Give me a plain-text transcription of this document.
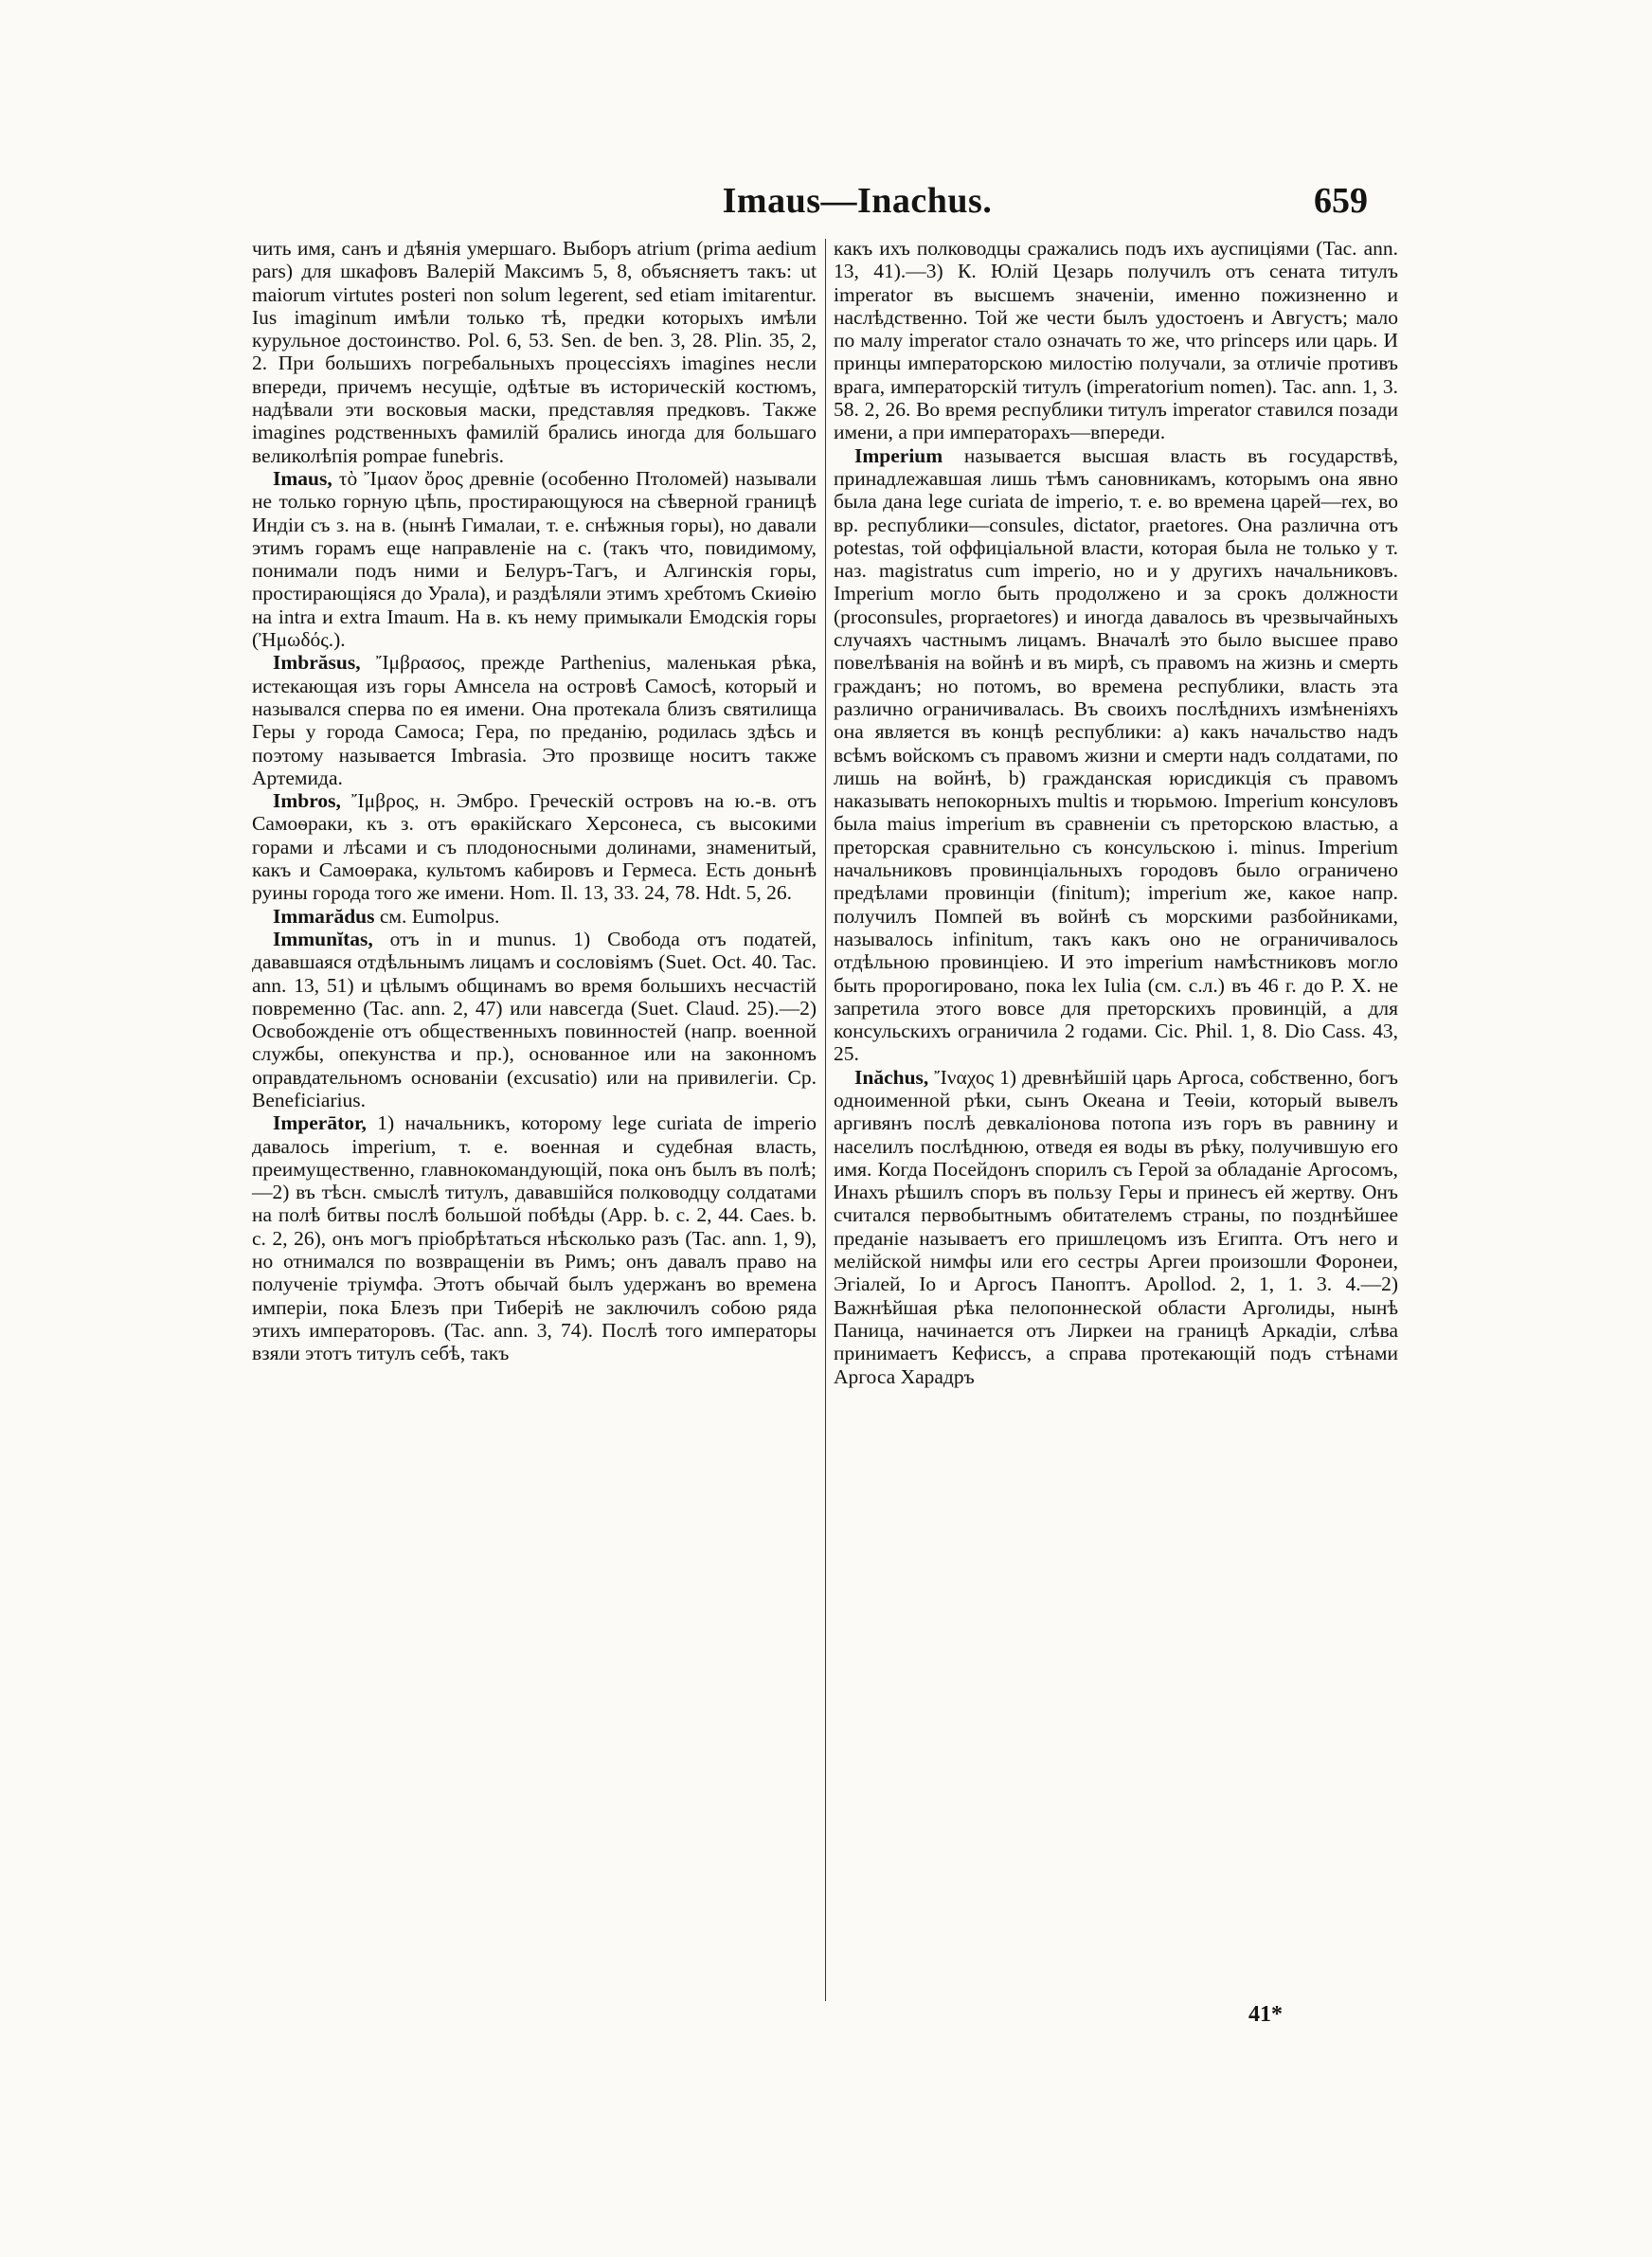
Imaus—Inachus.	659

чить имя, санъ и дѣянія умершаго. Выборъ atrium (prima aedium pars) для шкафовъ Валерій Максимъ 5, 8, объясняетъ такъ: ut maiorum virtutes posteri non solum legerent, sed etiam imitarentur. Ius imaginum имѣли только тѣ, предки которыхъ имѣли курульное достоинство. Pol. 6, 53. Sen. de ben. 3, 28. Plin. 35, 2, 2. При большихъ погребальныхъ процессіяхъ imagines несли впереди, причемъ несущіе, одѣтые въ историческій костюмъ, надѣвали эти восковыя маски, представляя предковъ. Также imagines родственныхъ фамилій брались иногда для большаго великолѣпія pompae funebris.

Imaus, τὸ Ἴμαον ὄρος древніе (особенно Птоломей) называли не только горную цѣпь, простирающуюся на сѣверной границѣ Индіи съ з. на в. (нынѣ Гималаи, т. е. снѣжныя горы), но давали этимъ горамъ еще направленіе на с. (такъ что, повидимому, понимали подъ ними и Белуръ-Тагъ, и Алгинскія горы, простирающіяся до Урала), и раздѣляли этимъ хребтомъ Скиѳію на intra и extra Imaum. На в. къ нему примыкали Емодскія горы (Ἠμωδός.).

Imbrăsus, Ἴμβρασος, прежде Parthenius, маленькая рѣка, истекающая изъ горы Амнсела на островѣ Самосѣ, который и назывался сперва по ея имени. Она протекала близъ святилища Геры у города Самоса; Гера, по преданію, родилась здѣсь и поэтому называется Imbrasia. Это прозвище носитъ также Артемида.

Imbros, Ἴμβρος, н. Эмбро. Греческій островъ на ю.-в. отъ Самоѳраки, къ з. отъ ѳракійскаго Херсонеса, съ высокими горами и лѣсами и съ плодоносными долинами, знаменитый, какъ и Самоѳрака, культомъ кабировъ и Гермеса. Есть доньнѣ руины города того же имени. Hom. Il. 13, 33. 24, 78. Hdt. 5, 26.

Immarădus см. Eumolpus.

Immunĭtas, отъ in и munus. 1) Свобода отъ податей, дававшаяся отдѣльнымъ лицамъ и сословіямъ (Suet. Oct. 40. Tac. ann. 13, 51) и цѣлымъ общинамъ во время большихъ несчастій повременно (Tac. ann. 2, 47) или навсегда (Suet. Claud. 25).—2) Освобожденіе отъ общественныхъ повинностей (напр. военной службы, опекунства и пр.), основанное или на законномъ оправдательномъ основаніи (excusatio) или на привилегіи. Ср. Beneficiarius.

Imperātor, 1) начальникъ, которому lege curiata de imperio давалось imperium, т. е. военная и судебная власть, преимущественно, главнокомандующій, пока онъ былъ въ полѣ;—2) въ тѣсн. смыслѣ титулъ, дававшійся полководцу солдатами на полѣ битвы послѣ большой побѣды (App. b. c. 2, 44. Caes. b. c. 2, 26), онъ могъ пріобрѣтаться нѣсколько разъ (Tac. ann. 1, 9), но отнимался по возвращеніи въ Римъ; онъ давалъ право на полученіе тріумфа. Этотъ обычай былъ удержанъ во времена имперіи, пока Блезъ при Тиберіѣ не заключилъ собою ряда этихъ императоровъ. (Tac. ann. 3, 74). Послѣ того императоры взяли этотъ титулъ себѣ, такъ

какъ ихъ полководцы сражались подъ ихъ ауспиціями (Tac. ann. 13, 41).—3) К. Юлій Цезарь получилъ отъ сената титулъ imperator въ высшемъ значеніи, именно пожизненно и наслѣдственно. Той же чести былъ удостоенъ и Августъ; мало по малу imperator стало означать то же, что princeps или царь. И принцы императорскою милостію получали, за отличіе противъ врага, императорскій титулъ (imperatorium nomen). Tac. ann. 1, 3. 58. 2, 26. Во время республики титулъ imperator ставился позади имени, а при императорахъ—впереди.

Imperium называется высшая власть въ государствѣ, принадлежавшая лишь тѣмъ сановникамъ, которымъ она явно была дана lege curiata de imperio, т. е. во времена царей—rex, во вр. республики—consules, dictator, praetores. Она различна отъ potestas, той оффиціальной власти, которая была не только у т. наз. magistratus cum imperio, но и у другихъ начальниковъ. Imperium могло быть продолжено и за срокъ должности (proconsules, propraetores) и иногда давалось въ чрезвычайныхъ случаяхъ частнымъ лицамъ. Вначалѣ это было высшее право повелѣванія на войнѣ и въ мирѣ, съ правомъ на жизнь и смерть гражданъ; но потомъ, во времена республики, власть эта различно ограничивалась. Въ своихъ послѣднихъ измѣненіяхъ она является въ концѣ республики: a) какъ начальство надъ всѣмъ войскомъ съ правомъ жизни и смерти надъ солдатами, по лишь на войнѣ, b) гражданская юрисдикція съ правомъ наказывать непокорныхъ multis и тюрьмою. Imperium консуловъ была maius imperium въ сравненіи съ преторскою властью, а преторская сравнительно съ консульскою i. minus. Imperium начальниковъ провинціальныхъ городовъ было ограничено предѣлами провинціи (finitum); imperium же, какое напр. получилъ Помпей въ войнѣ съ морскими разбойниками, называлось infinitum, такъ какъ оно не ограничивалось отдѣльною провинціею. И это imperium намѣстниковъ могло быть пророгировано, пока lex Iulia (см. с.л.) въ 46 г. до Р. Х. не запретила этого вовсе для преторскихъ провинцій, а для консульскихъ ограничила 2 годами. Cic. Phil. 1, 8. Dio Cass. 43, 25.

Inăchus, Ἴναχος 1) древнѣйшій царь Аргоса, собственно, богъ одноименной рѣки, сынъ Океана и Теѳіи, который вывелъ аргивянъ послѣ девкаліонова потопа изъ горъ въ равнину и населилъ послѣднюю, отведя ея воды въ рѣку, получившую его имя. Когда Посейдонъ спорилъ съ Герой за обладаніе Аргосомъ, Инахъ рѣшилъ споръ въ пользу Геры и принесъ ей жертву. Онъ считался первобытнымъ обитателемъ страны, по позднѣйшее преданіе называетъ его пришлецомъ изъ Египта. Отъ него и мелійской нимфы или его сестры Аргеи произошли Форонеи, Эгіалей, Іо и Аргосъ Паноптъ. Apollod. 2, 1, 1. 3. 4.—2) Важнѣйшая рѣка пелопоннеской области Арголиды, нынѣ Паница, начинается отъ Лиркеи на границѣ Аркадіи, слѣва принимаетъ Кефиссъ, а справа протекающій подъ стѣнами Аргоса Харадръ

41*
